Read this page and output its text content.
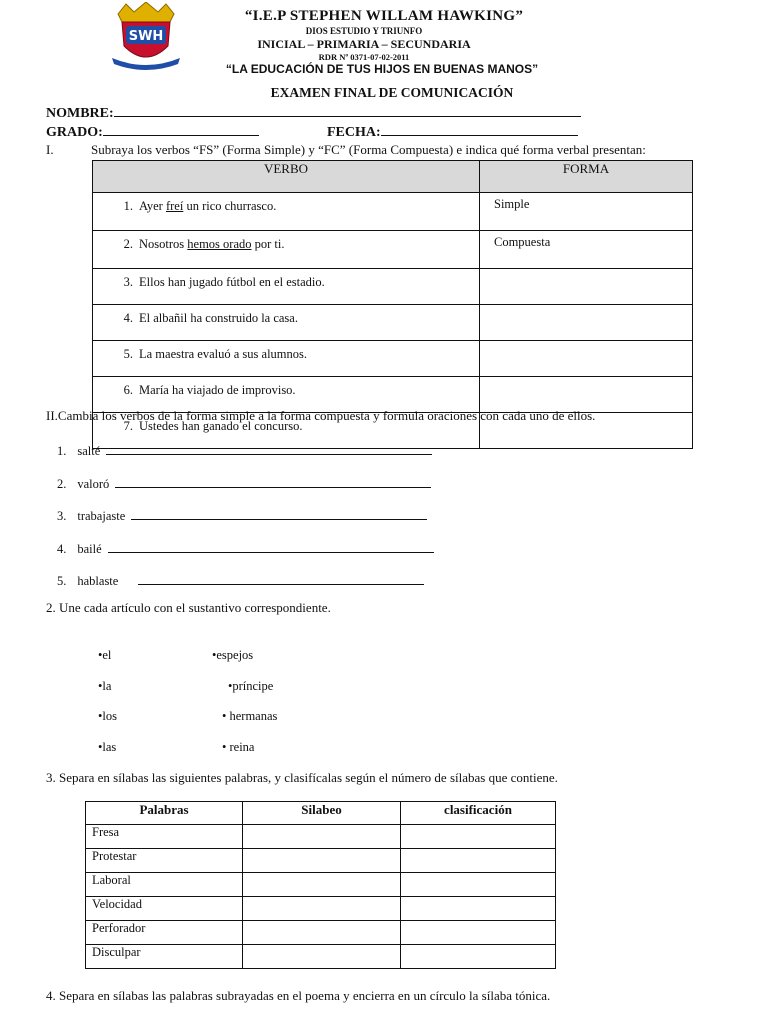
SWH
“I.E.P STEPHEN WILLAM HAWKING”
DIOS ESTUDIO Y TRIUNFO
INICIAL – PRIMARIA – SECUNDARIA
RDR Nº 0371-07-02-2011
“LA EDUCACIÓN DE TUS HIJOS EN BUENAS MANOS”
EXAMEN FINAL DE COMUNICACIÓN
NOMBRE:
GRADO:	FECHA:
I.	Subraya los verbos “FS” (Forma Simple) y “FC” (Forma Compuesta) e indica qué forma verbal presentan:
VERBO	FORMA
1. Ayer freí un rico churrasco.	Simple
2. Nosotros hemos orado por ti.	Compuesta
3. Ellos han jugado fútbol en el estadio.	
4. El albañil ha construido la casa.	
5. La maestra evaluó a sus alumnos.	
6. María ha viajado de improviso.	
7. Ustedes han ganado el concurso.	
II.Cambia los verbos de la forma simple a la forma compuesta y formula oraciones con cada uno de ellos.
1. salté
2. valoró
3. trabajaste
4. bailé
5. hablaste
2. Une cada artículo con el sustantivo correspondiente.
•el	•espejos
•la	•príncipe
•los	• hermanas
•las	• reina
3. Separa en sílabas las siguientes palabras, y clasifícalas según el número de sílabas que contiene.
Palabras	Silabeo	clasificación
Fresa		
Protestar		
Laboral		
Velocidad		
Perforador		
Disculpar		
4. Separa en sílabas las palabras subrayadas en el poema y encierra en un círculo la sílaba tónica.
